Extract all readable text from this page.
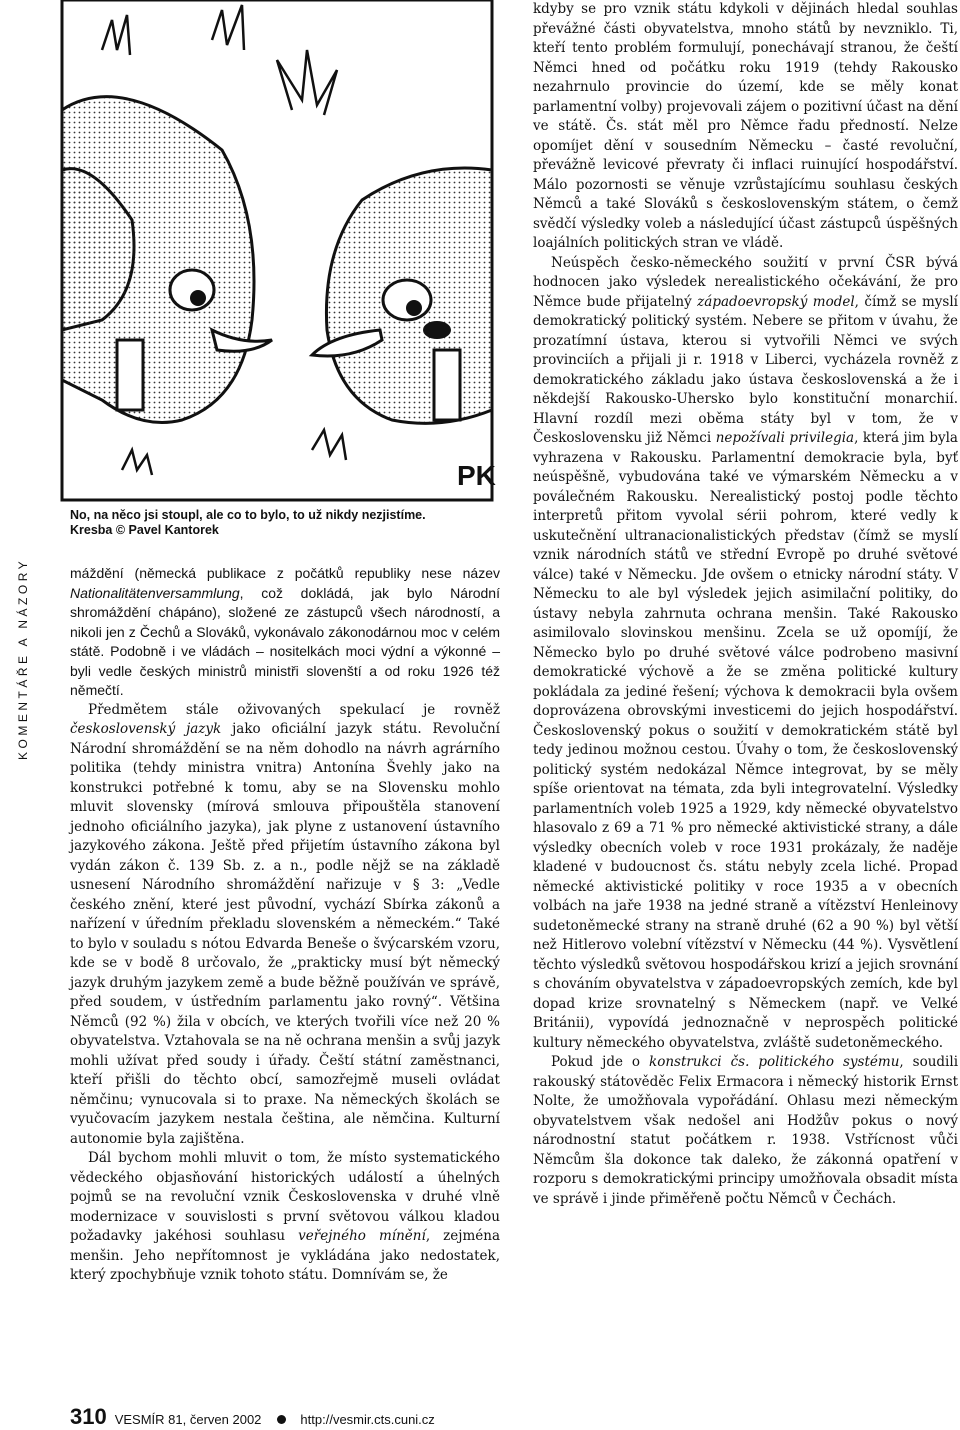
PK
No, na něco jsi stoupl, ale co to bylo, to už nikdy nezjistíme.
Kresba © Pavel Kantorek
KOMENTÁŘE A NÁZORY	máždění (německá publikace z počátků republiky nese název Nationalitätenversammlung, což dokládá, jak bylo Národní shromáždění chápáno), složené ze zástupců všech národností, a nikoli jen z Čechů a Slováků, vykonávalo zákonodárnou moc v celém státě. Podobně i ve vládách – nositelkách moci výdní a výkonné – byli vedle českých ministrů ministři slovenští a od roku 1926 též němečtí.

Předmětem stále oživovaných spekulací je rovněž československý jazyk jako oficiální jazyk státu. Revoluční Národní shromáždění se na něm dohodlo na návrh agrárního politika (tehdy ministra vnitra) Antonína Švehly jako na konstrukci potřebné k tomu, aby se na Slovensku mohlo mluvit slovensky (mírová smlouva připouštěla stanovení jednoho oficiálního jazyka), jak plyne z ustanovení ústavního jazykového zákona. Ještě před přijetím ústavního zákona byl vydán zákon č. 139 Sb. z. a n., podle nějž se na základě usnesení Národního shromáždění nařizuje v § 3: „Vedle českého znění, které jest původní, vychází Sbírka zákonů a nařízení v úředním překladu slovenském a německém.“ Také to bylo v souladu s nótou Edvarda Beneše o švýcarském vzoru, kde se v bodě 8 určovalo, že „prakticky musí být německý jazyk druhým jazykem země a bude běžně používán ve správě, před soudem, v ústředním parlamentu jako rovný“. Většina Němců (92 %) žila v obcích, ve kterých tvořili více než 20 % obyvatelstva. Vztahovala se na ně ochrana menšin a svůj jazyk mohli užívat před soudy i úřady. Čeští státní zaměstnanci, kteří přišli do těchto obcí, samozřejmě museli ovládat němčinu; vynucovala si to praxe. Na německých školách se vyučovacím jazykem nestala čeština, ale němčina. Kulturní autonomie byla zajištěna.

Dál bychom mohli mluvit o tom, že místo systematického vědeckého objasňování historických událostí a úhelných pojmů se na revoluční vznik Československa v druhé vlně modernizace v souvislosti s první světovou válkou kladou požadavky jakéhosi souhlasu veřejného mínění, zejména menšin. Jeho nepřítomnost je vykládána jako nedostatek, který zpochybňuje vznik tohoto státu. Domnívám se, že

kdyby se pro vznik státu kdykoli v dějinách hledal souhlas převážné části obyvatelstva, mnoho států by nevzniklo. Ti, kteří tento problém formulují, ponechávají stranou, že čeští Němci hned od počátku roku 1919 (tehdy Rakousko nezahrnulo provincie do území, kde se měly konat parlamentní volby) projevovali zájem o pozitivní účast na dění ve státě. Čs. stát měl pro Němce řadu předností. Nelze opomíjet dění v sousedním Německu – časté revoluční, převážně levicové převraty či inflaci ruinující hospodářství. Málo pozornosti se věnuje vzrůstajícímu souhlasu českých Němců a také Slováků s československým státem, o čemž svědčí výsledky voleb a následující účast zástupců úspěšných loajálních politických stran ve vládě.

Neúspěch česko-německého soužití v první ČSR bývá hodnocen jako výsledek nerealistického očekávání, že pro Němce bude přijatelný západoevropský model, čímž se myslí demokratický politický systém. Nebere se přitom v úvahu, že prozatímní ústava, kterou si vytvořili Němci ve svých provinciích a přijali ji r. 1918 v Liberci, vycházela rovněž z demokratického základu jako ústava československá a že i někdejší Rakousko-Uhersko bylo konstituční monarchií. Hlavní rozdíl mezi oběma státy byl v tom, že v Československu již Němci nepožívali privilegia, která jim byla vyhrazena v Rakousku. Parlamentní demokracie byla, byť neúspěšně, vybudována také ve výmarském Německu a v poválečném Rakousku. Nerealistický postoj podle těchto interpretů přitom vyvolal sérii pohrom, které vedly k uskutečnění ultranacionalistických představ (čímž se myslí vznik národních států ve střední Evropě po druhé světové válce) také v Německu. Jde ovšem o etnicky národní státy. V Německu to ale byl výsledek jejich asimilační politiky, do ústavy nebyla zahrnuta ochrana menšin. Také Rakousko asimilovalo slovinskou menšinu. Zcela se už opomíjí, že Německo bylo po druhé světové válce podrobeno masivní demokratické výchově a že se změna politické kultury pokládala za jediné řešení; výchova k demokracii byla ovšem doprovázena obrovskými investicemi do jejich hospodářství. Československý pokus o soužití v demokratickém státě byl tedy jedinou možnou cestou. Úvahy o tom, že československý politický systém nedokázal Němce integrovat, by se měly spíše orientovat na témata, zda byli integrovatelní. Výsledky parlamentních voleb 1925 a 1929, kdy německé obyvatelstvo hlasovalo z 69 a 71 % pro německé aktivistické strany, a dále výsledky obecních voleb v roce 1931 prokázaly, že naděje kladené v budoucnost čs. státu nebyly zcela liché. Propad německé aktivistické politiky v roce 1935 a v obecních volbách na jaře 1938 na jedné straně a vítězství Henleinovy sudetoněmecké strany na straně druhé (62 a 90 %) byl větší než Hitlerovo volební vítězství v Německu (44 %). Vysvětlení těchto výsledků světovou hospodářskou krizí a jejich srovnání s chováním obyvatelstva v západoevropských zemích, kde byl dopad krize srovnatelný s Německem (např. ve Velké Británii), vypovídá jednoznačně v neprospěch politické kultury německého obyvatelstva, zvláště sudetoněmeckého.

Pokud jde o konstrukci čs. politického systému, soudili rakouský státověděc Felix Ermacora i německý historik Ernst Nolte, že umožňovala vypořádání. Ohlasu mezi německým obyvatelstvem však nedošel ani Hodžův pokus o nový národnostní statut počátkem r. 1938. Vstřícnost vůči Němcům šla dokonce tak daleko, že zákonná opatření v rozporu s demokratickými principy umožňovala obsadit místa ve správě i jinde přiměřeně počtu Němců v Čechách.

310 VESMÍR 81, červen 2002	http://vesmir.cts.cuni.cz
